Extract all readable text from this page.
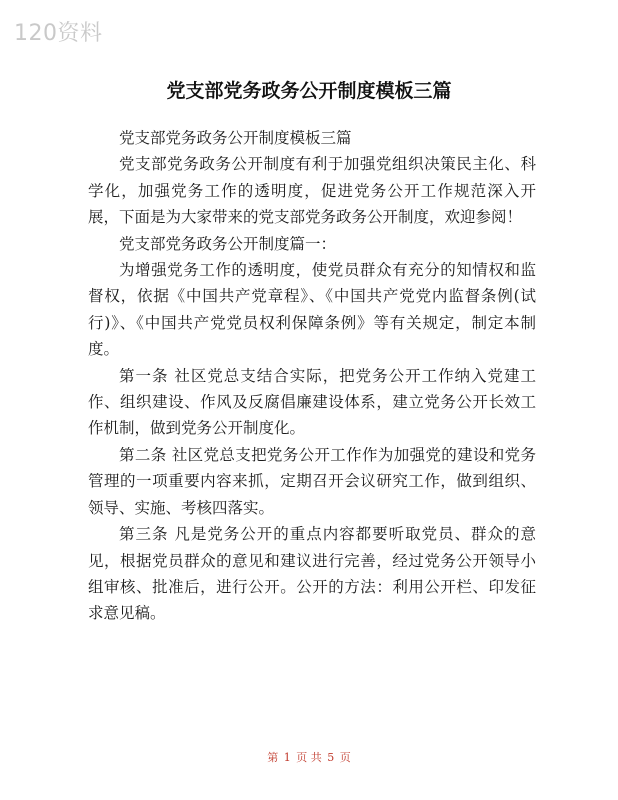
120资料
党支部党务政务公开制度模板三篇

党支部党务政务公开制度模板三篇

党支部党务政务公开制度有利于加强党组织决策民主化、科学化，加强党务工作的透明度，促进党务公开工作规范深入开展，下面是为大家带来的党支部党务政务公开制度，欢迎参阅！

党支部党务政务公开制度篇一：

为增强党务工作的透明度，使党员群众有充分的知情权和监督权，依据《中国共产党章程》、《中国共产党党内监督条例(试行)》、《中国共产党党员权利保障条例》等有关规定，制定本制度。

第一条 社区党总支结合实际，把党务公开工作纳入党建工作、组织建设、作风及反腐倡廉建设体系，建立党务公开长效工作机制，做到党务公开制度化。

第二条 社区党总支把党务公开工作作为加强党的建设和党务管理的一项重要内容来抓，定期召开会议研究工作，做到组织、领导、实施、考核四落实。

第三条 凡是党务公开的重点内容都要听取党员、群众的意见，根据党员群众的意见和建议进行完善，经过党务公开领导小组审核、批准后，进行公开。公开的方法：利用公开栏、印发征求意见稿。

第 1 页 共 5 页
